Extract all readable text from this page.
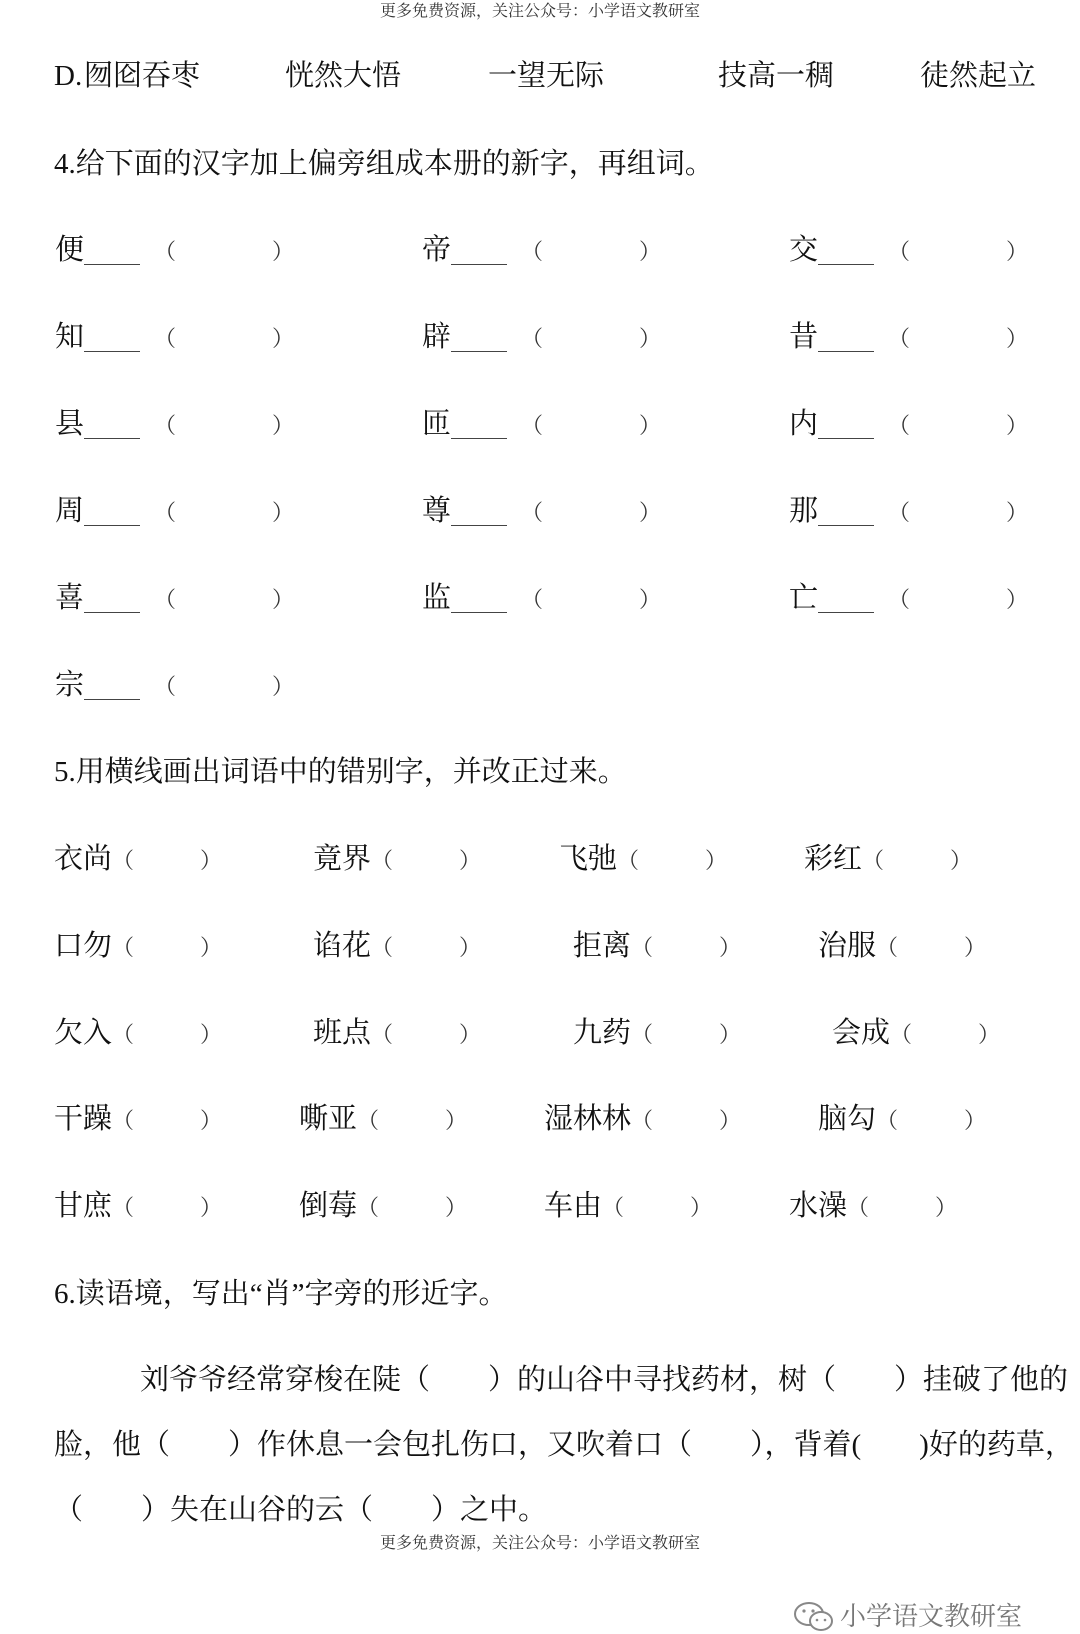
更多免费资源，关注公众号：小学语文教研室
D. 囫囵吞枣	恍然大悟	一望无际	技高一稠	徒然起立
4.给下面的汉字加上偏旁组成本册的新字，再组词。
便	（	）	帝	（	）	交	（	）
知	（	）	辟	（	）	昔	（	）
县	（	）	匝	（	）	内	（	）
周	（	）	尊	（	）	那	（	）
喜	（	）	监	（	）	亡	（	）
宗	（	）
5.用横线画出词语中的错别字，并改正过来。
衣尚（	）	竟界（	）	飞弛（	）	彩红（	）
口勿（	）	谄花（	）	拒离（	）	治服（	）
欠入（	）	班点（	）	九药（	）	会成（	）
干躁（	）	嘶亚（	）	湿林林（	）	脑勾（	）
甘庶（	）	倒莓（	）	车由（	）	水澡（	）
6.读语境，写出“肖”字旁的形近字。
刘爷爷经常穿梭在陡（　　）的山谷中寻找药材，树（　　）挂破了他的
脸，他（　　）作休息一会包扎伤口，又吹着口（　　），背着(　　)好的药草，
（　　）失在山谷的云（　　）之中。
更多免费资源，关注公众号：小学语文教研室

小学语文教研室
